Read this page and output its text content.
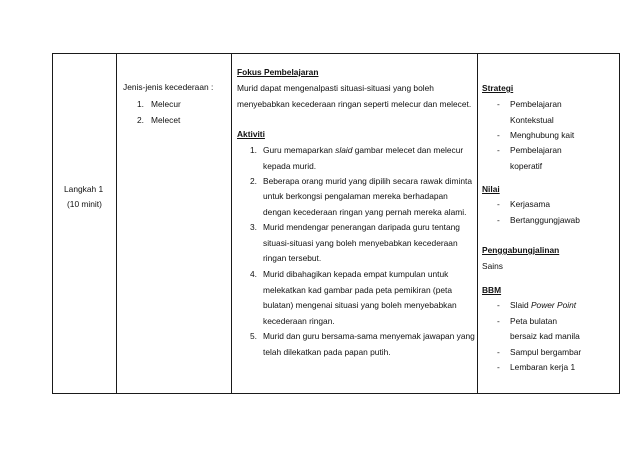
Langkah 1
(10 minit)
Jenis-jenis kecederaan :
1. Melecur
2. Melecet
Fokus Pembelajaran
Murid dapat mengenalpasti situasi-situasi yang boleh
menyebabkan kecederaan ringan seperti melecur dan melecet.
Aktiviti
1. Guru memaparkan slaid gambar melecet dan melecur
kepada murid.
2. Beberapa orang murid yang dipilih secara rawak diminta
untuk berkongsi pengalaman mereka berhadapan
dengan kecederaan ringan yang pernah mereka alami.
3. Murid mendengar penerangan daripada guru tentang
situasi-situasi yang boleh menyebabkan kecederaan
ringan tersebut.
4. Murid dibahagikan kepada empat kumpulan untuk
melekatkan kad gambar pada peta pemikiran (peta
bulatan) mengenai situasi yang boleh menyebabkan
kecederaan ringan.
5. Murid dan guru bersama-sama menyemak jawapan yang
telah dilekatkan pada papan putih.
Strategi
- Pembelajaran
Kontekstual
- Menghubung kait
- Pembelajaran
koperatif
Nilai
- Kerjasama
- Bertanggungjawab
Penggabungjalinan
Sains
BBM
- Slaid Power Point
- Peta bulatan
bersaiz kad manila
- Sampul bergambar
- Lembaran kerja 1
